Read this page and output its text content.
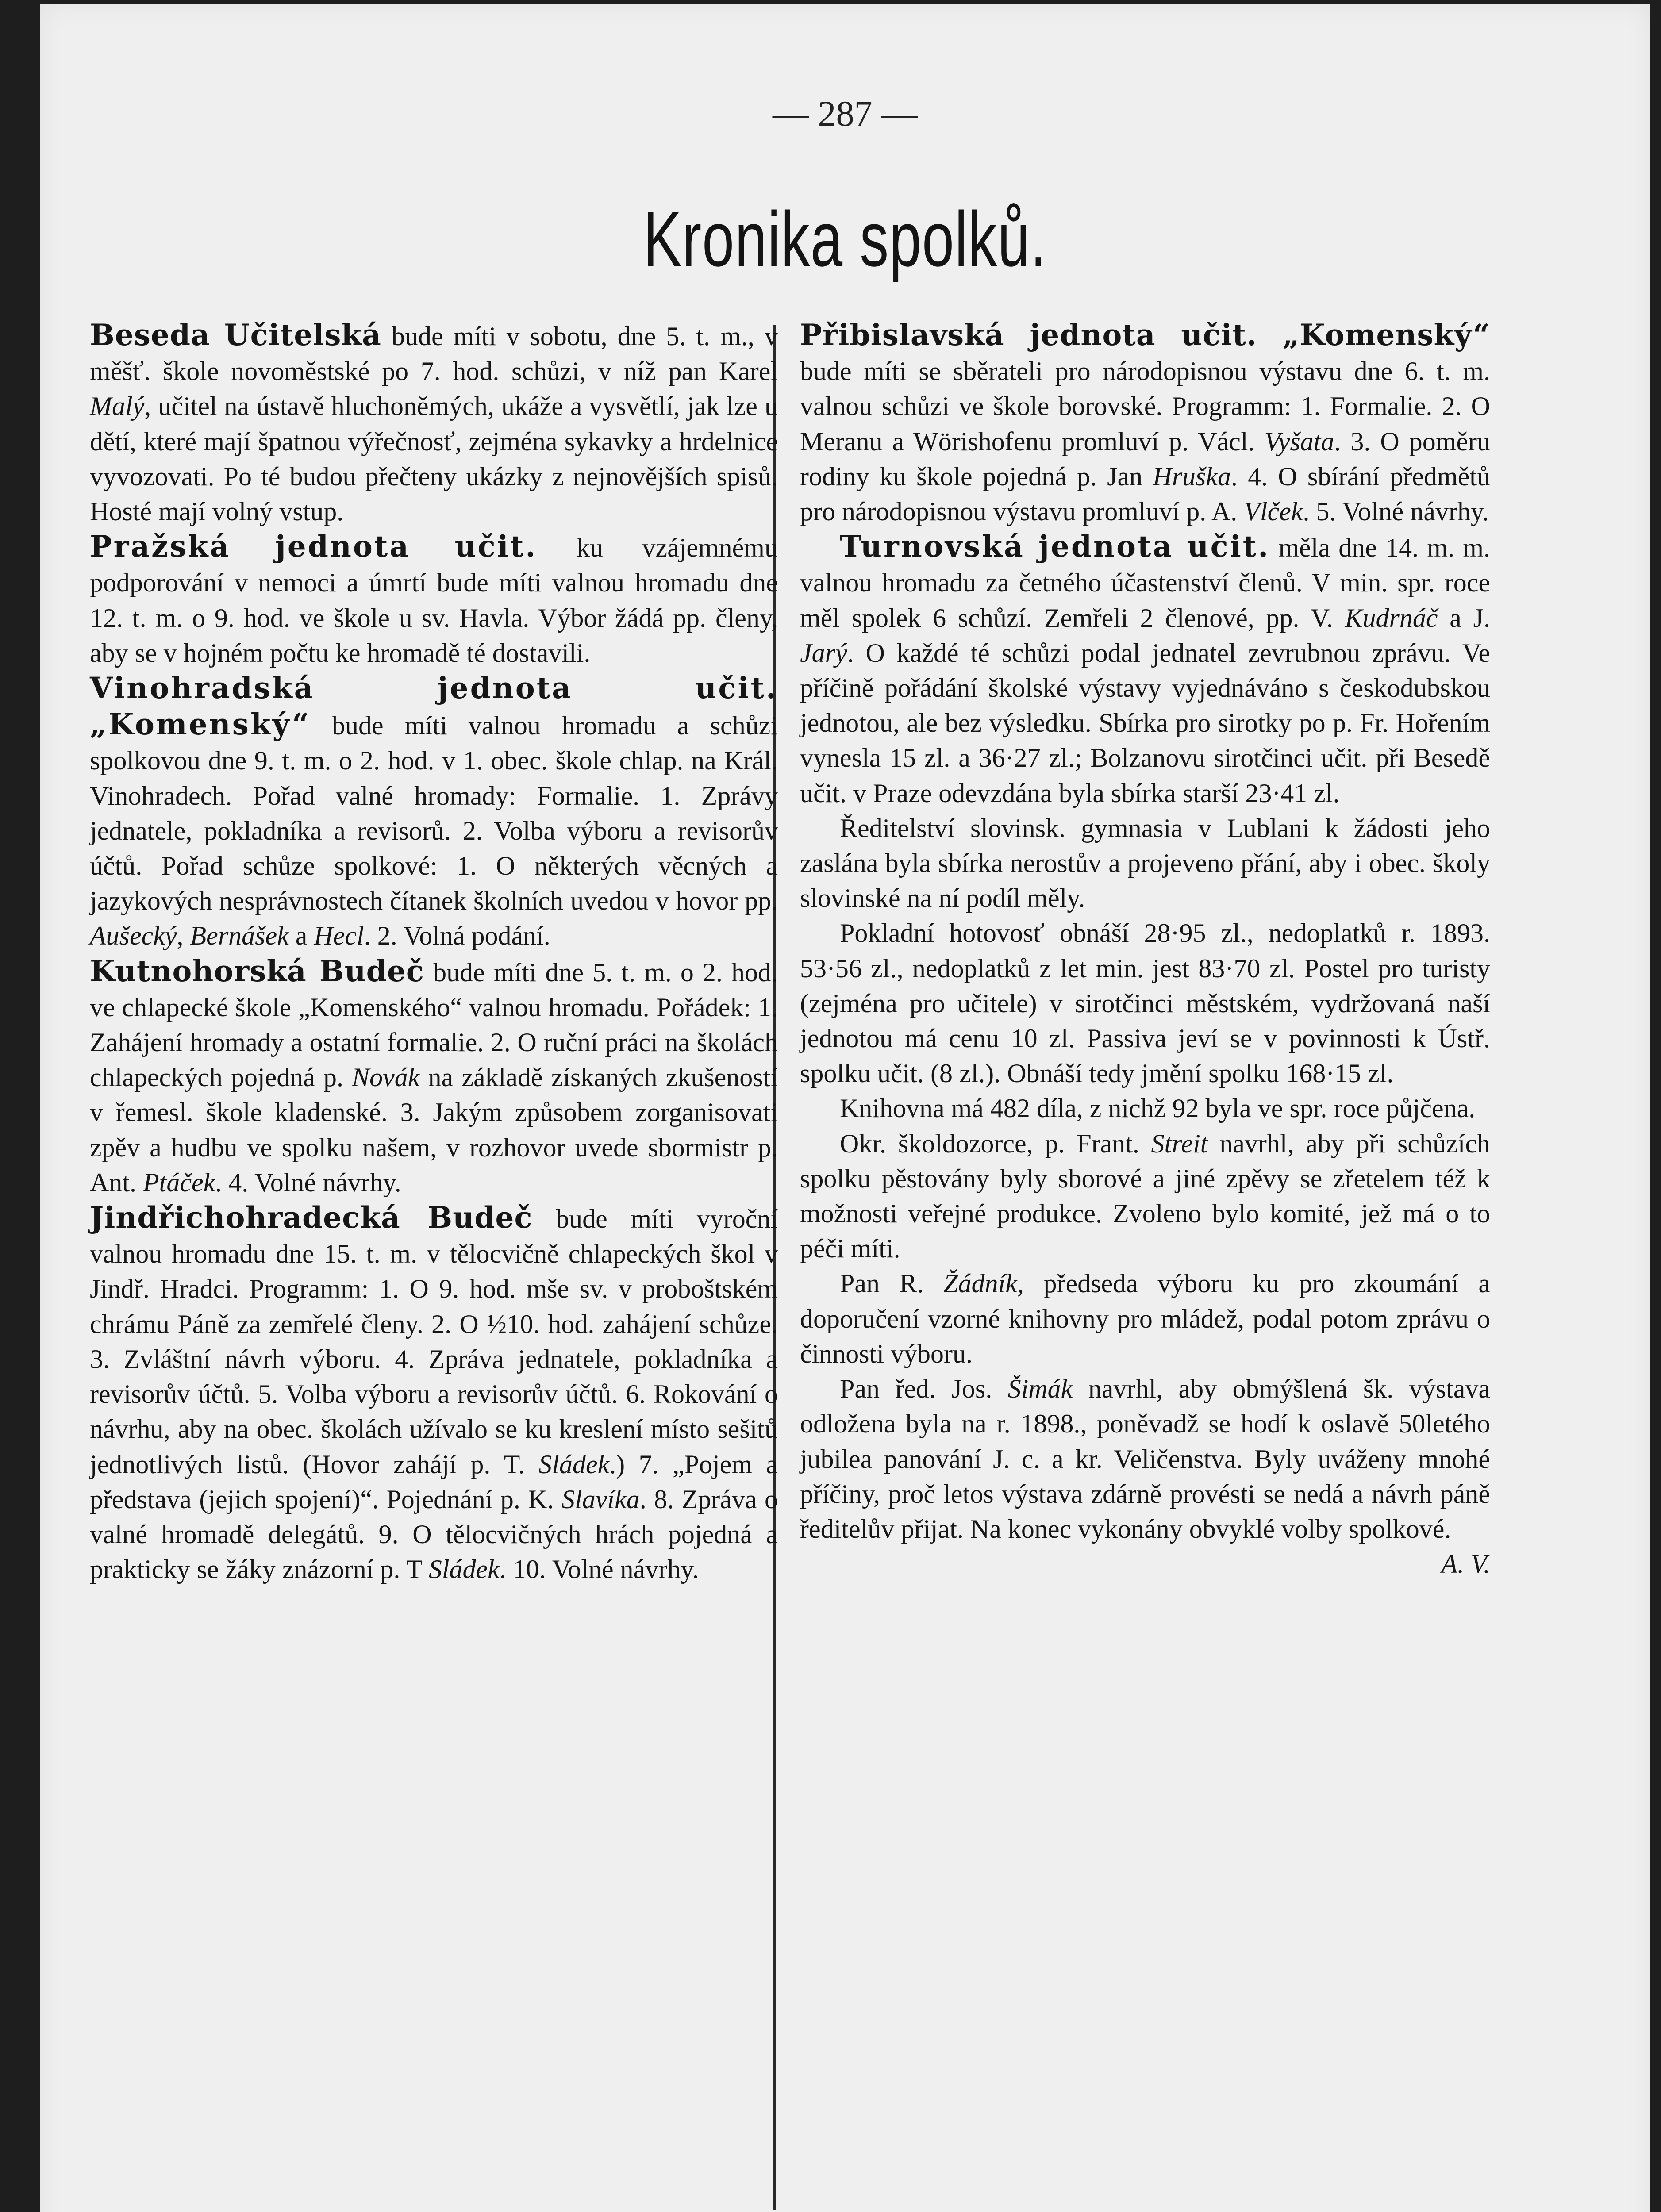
— 287 —
Kronika spolků.

Beseda Učitelská bude míti v sobotu, dne 5. t. m., v měšť. škole novoměstské po 7. hod. schůzi, v níž pan Karel Malý, učitel na ústavě hluchoněmých, ukáže a vysvětlí, jak lze u dětí, které mají špatnou výřečnosť, zejména sykavky a hrdelnice vyvozovati. Po té budou přečteny ukázky z nejnovějších spisů. Hosté mají volný vstup.

Pražská jednota učit. ku vzájemnému podporování v nemoci a úmrtí bude míti valnou hromadu dne 12. t. m. o 9. hod. ve škole u sv. Havla. Výbor žádá pp. členy, aby se v hojném počtu ke hromadě té dostavili.

Vinohradská jednota učit. „Komenský“ bude míti valnou hromadu a schůzi spolkovou dne 9. t. m. o 2. hod. v 1. obec. škole chlap. na Král. Vinohradech. Pořad valné hromady: Formalie. 1. Zprávy jednatele, pokladníka a revisorů. 2. Volba výboru a revisorův účtů. Pořad schůze spolkové: 1. O některých věcných a jazykových nesprávnostech čítanek školních uvedou v hovor pp. Aušecký, Bernášek a Hecl. 2. Volná podání.

Kutnohorská Budeč bude míti dne 5. t. m. o 2. hod. ve chlapecké škole „Komenského“ valnou hromadu. Pořádek: 1. Zahájení hromady a ostatní formalie. 2. O ruční práci na školách chlapeckých pojedná p. Novák na základě získaných zkušeností v řemesl. škole kladenské. 3. Jakým způsobem zorganisovati zpěv a hudbu ve spolku našem, v rozhovor uvede sbormistr p. Ant. Ptáček. 4. Volné návrhy.

Jindřichohradecká Budeč bude míti vyroční valnou hromadu dne 15. t. m. v tělocvičně chlapeckých škol v Jindř. Hradci. Programm: 1. O 9. hod. mše sv. v proboštském chrámu Páně za zemřelé členy. 2. O ½10. hod. zahájení schůze. 3. Zvláštní návrh výboru. 4. Zpráva jednatele, pokladníka a revisorův účtů. 5. Volba výboru a revisorův účtů. 6. Rokování o návrhu, aby na obec. školách užívalo se ku kreslení místo sešitů jednotlivých listů. (Hovor zahájí p. T. Sládek.) 7. „Pojem a představa (jejich spojení)“. Pojednání p. K. Slavíka. 8. Zpráva o valné hromadě delegátů. 9. O tělocvičných hrách pojedná a prakticky se žáky znázorní p. T Sládek. 10. Volné návrhy.

Přibislavská jednota učit. „Komenský“ bude míti se sběrateli pro národopisnou výstavu dne 6. t. m. valnou schůzi ve škole borovské. Programm: 1. Formalie. 2. O Meranu a Wörishofenu promluví p. Václ. Vyšata. 3. O poměru rodiny ku škole pojedná p. Jan Hruška. 4. O sbírání předmětů pro národopisnou výstavu promluví p. A. Vlček. 5. Volné návrhy.

Turnovská jednota učit. měla dne 14. m. m. valnou hromadu za četného účastenství členů. V min. spr. roce měl spolek 6 schůzí. Zemřeli 2 členové, pp. V. Kudrnáč a J. Jarý. O každé té schůzi podal jednatel zevrubnou zprávu. Ve příčině pořádání školské výstavy vyjednáváno s českodubskou jednotou, ale bez výsledku. Sbírka pro sirotky po p. Fr. Hořením vynesla 15 zl. a 36·27 zl.; Bolzanovu sirotčinci učit. při Besedě učit. v Praze odevzdána byla sbírka starší 23·41 zl.

Ředitelství slovinsk. gymnasia v Lublani k žádosti jeho zaslána byla sbírka nerostův a projeveno přání, aby i obec. školy slovinské na ní podíl měly.

Pokladní hotovosť obnáší 28·95 zl., nedoplatků r. 1893. 53·56 zl., nedoplatků z let min. jest 83·70 zl. Postel pro turisty (zejména pro učitele) v sirotčinci městském, vydržovaná naší jednotou má cenu 10 zl. Passiva jeví se v povinnosti k Ústř. spolku učit. (8 zl.). Obnáší tedy jmění spolku 168·15 zl.

Knihovna má 482 díla, z nichž 92 byla ve spr. roce půjčena.

Okr. školdozorce, p. Frant. Streit navrhl, aby při schůzích spolku pěstovány byly sborové a jiné zpěvy se zřetelem též k možnosti veřejné produkce. Zvoleno bylo komité, jež má o to péči míti.

Pan R. Žádník, předseda výboru ku pro zkoumání a doporučení vzorné knihovny pro mládež, podal potom zprávu o činnosti výboru.

Pan řed. Jos. Šimák navrhl, aby obmýšlená šk. výstava odložena byla na r. 1898., poněvadž se hodí k oslavě 50letého jubilea panování J. c. a kr. Veličenstva. Byly uváženy mnohé příčiny, proč letos výstava zdárně provésti se nedá a návrh páně ředitelův přijat. Na konec vykonány obvyklé volby spolkové.
A. V.
